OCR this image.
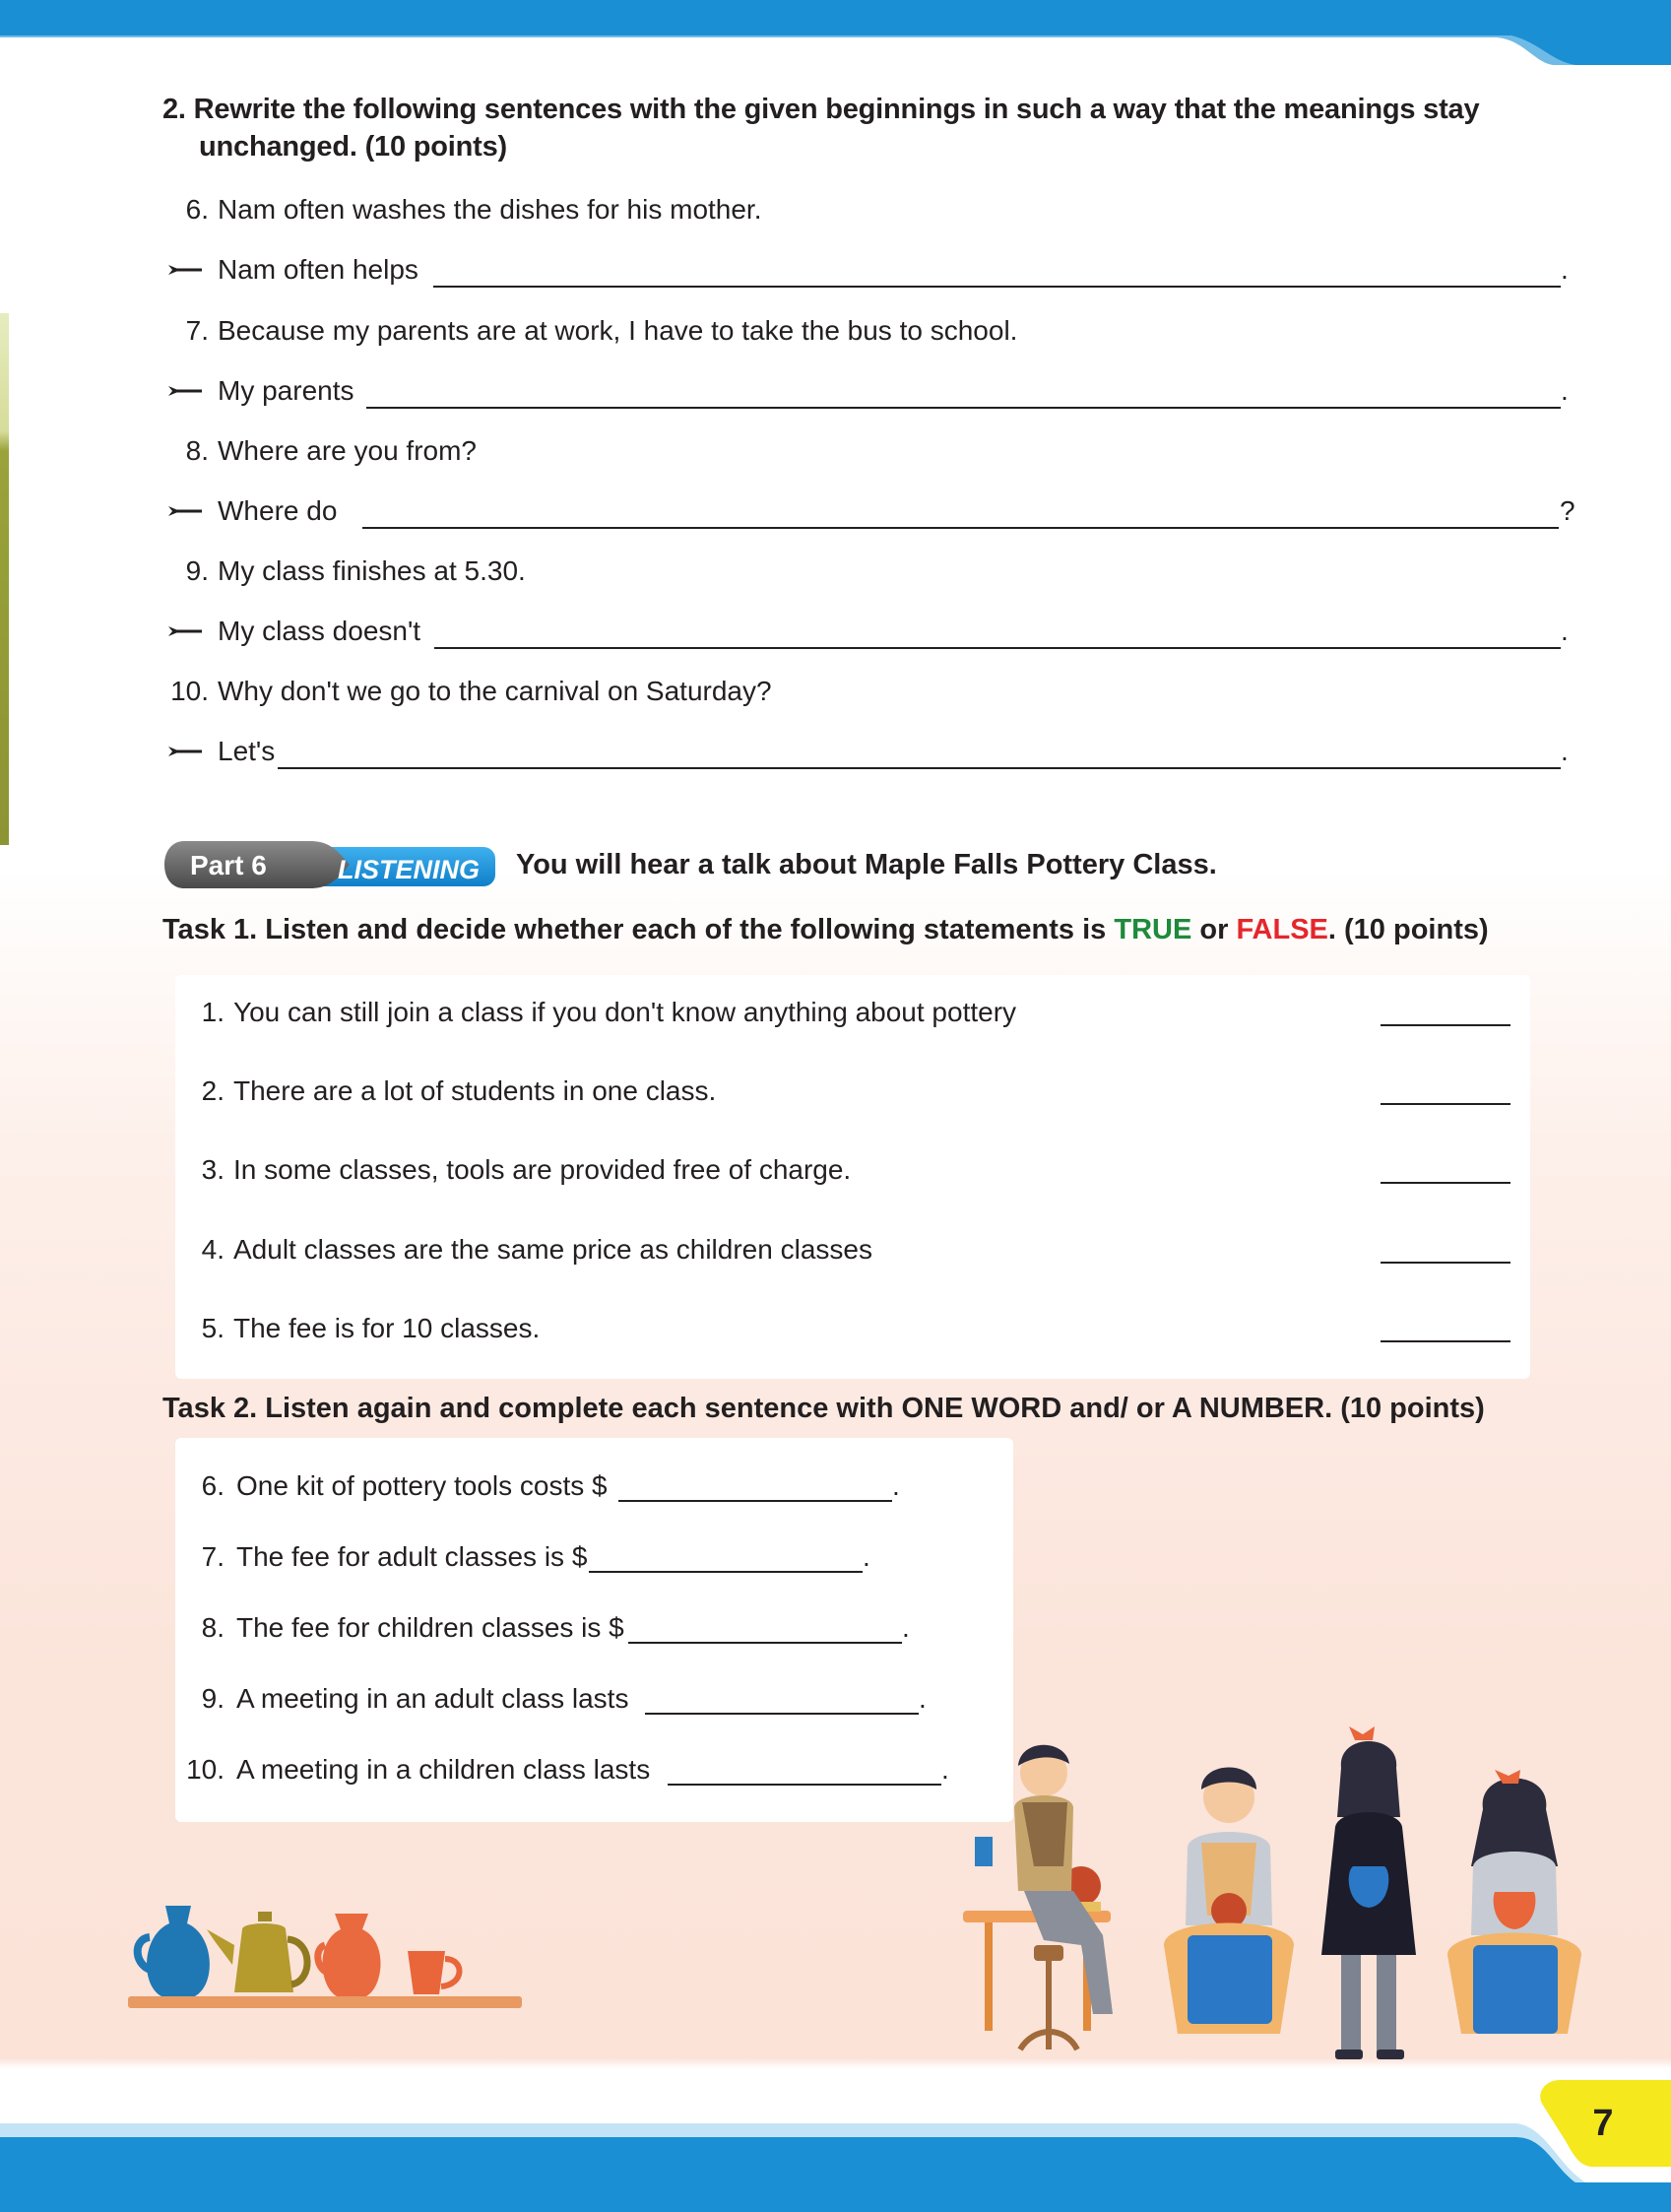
2. Rewrite the following sentences with the given beginnings in such a way that the meanings stay
unchanged. (10 points)
6. Nam often washes the dishes for his mother.
Nam often helps	.
7. Because my parents are at work, I have to take the bus to school.
My parents	.
8. Where are you from?
Where do	?
9. My class finishes at 5.30.
My class doesn't	.
10. Why don't we go to the carnival on Saturday?
Let's	.
Part 6	LISTENING You will hear a talk about Maple Falls Pottery Class.
Task 1. Listen and decide whether each of the following statements is TRUE or FALSE. (10 points)
1. You can still join a class if you don't know anything about pottery
2. There are a lot of students in one class.
3. In some classes, tools are provided free of charge.
4. Adult classes are the same price as children classes
5. The fee is for 10 classes.
Task 2. Listen again and complete each sentence with ONE WORD and/ or A NUMBER. (10 points)
6. One kit of pottery tools costs $	.
7. The fee for adult classes is $	.
8. The fee for children classes is $	.
9. A meeting in an adult class lasts	.
10. A meeting in a children class lasts	.
7
